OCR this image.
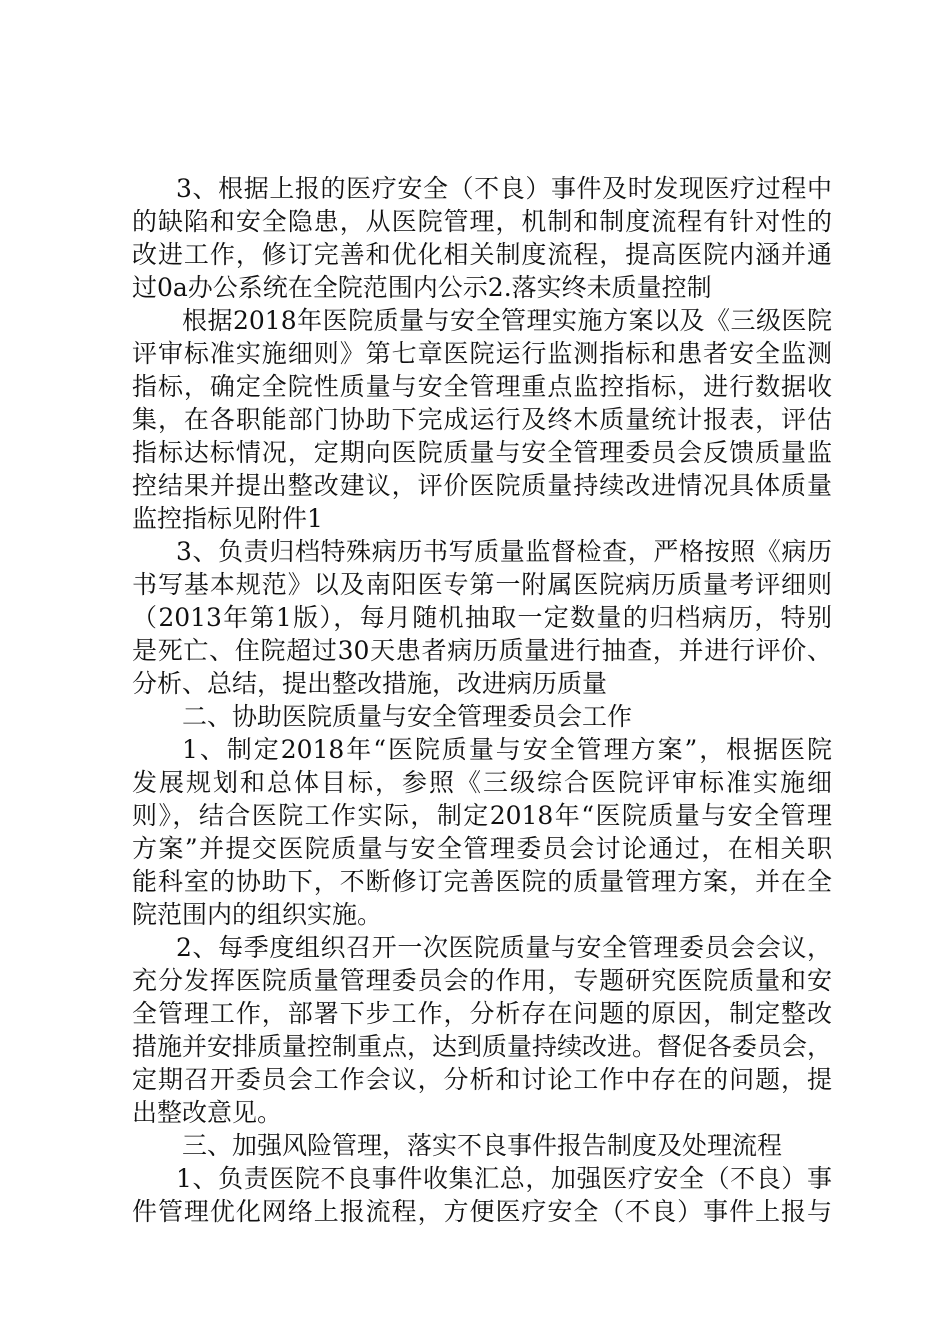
3、根据上报的医疗安全（不良）事件及时发现医疗过程中
的缺陷和安全隐患，从医院管理，机制和制度流程有针对性的
改进工作，修订完善和优化相关制度流程，提高医院内涵并通
过0a办公系统在全院范围内公示2.落实终未质量控制
根据2018年医院质量与安全管理实施方案以及《三级医院
评审标准实施细则》第七章医院运行监测指标和患者安全监测
指标，确定全院性质量与安全管理重点监控指标，进行数据收
集，在各职能部门协助下完成运行及终木质量统计报表，评估
指标达标情况，定期向医院质量与安全管理委员会反馈质量监
控结果并提出整改建议，评价医院质量持续改进情况具体质量
监控指标见附件1
3、负责归档特殊病历书写质量监督检查，严格按照《病历
书写基本规范》以及南阳医专第一附属医院病历质量考评细则
（2013年第1版），每月随机抽取一定数量的归档病历，特别
是死亡、住院超过30天患者病历质量进行抽查，并进行评价、
分析、总结，提出整改措施，改进病历质量
二、协助医院质量与安全管理委员会工作
1、制定2018年“医院质量与安全管理方案”，根据医院
发展规划和总体目标，参照《三级综合医院评审标准实施细
则》，结合医院工作实际，制定2018年“医院质量与安全管理
方案”并提交医院质量与安全管理委员会讨论通过，在相关职
能科室的协助下，不断修订完善医院的质量管理方案，并在全
院范围内的组织实施。
2、每季度组织召开一次医院质量与安全管理委员会会议，
充分发挥医院质量管理委员会的作用，专题研究医院质量和安
全管理工作，部署下步工作，分析存在问题的原因，制定整改
措施并安排质量控制重点，达到质量持续改进。督促各委员会，
定期召开委员会工作会议，分析和讨论工作中存在的问题，提
出整改意见。
三、加强风险管理，落实不良事件报告制度及处理流程
1、负责医院不良事件收集汇总，加强医疗安全（不良）事
件管理优化网络上报流程，方便医疗安全（不良）事件上报与
